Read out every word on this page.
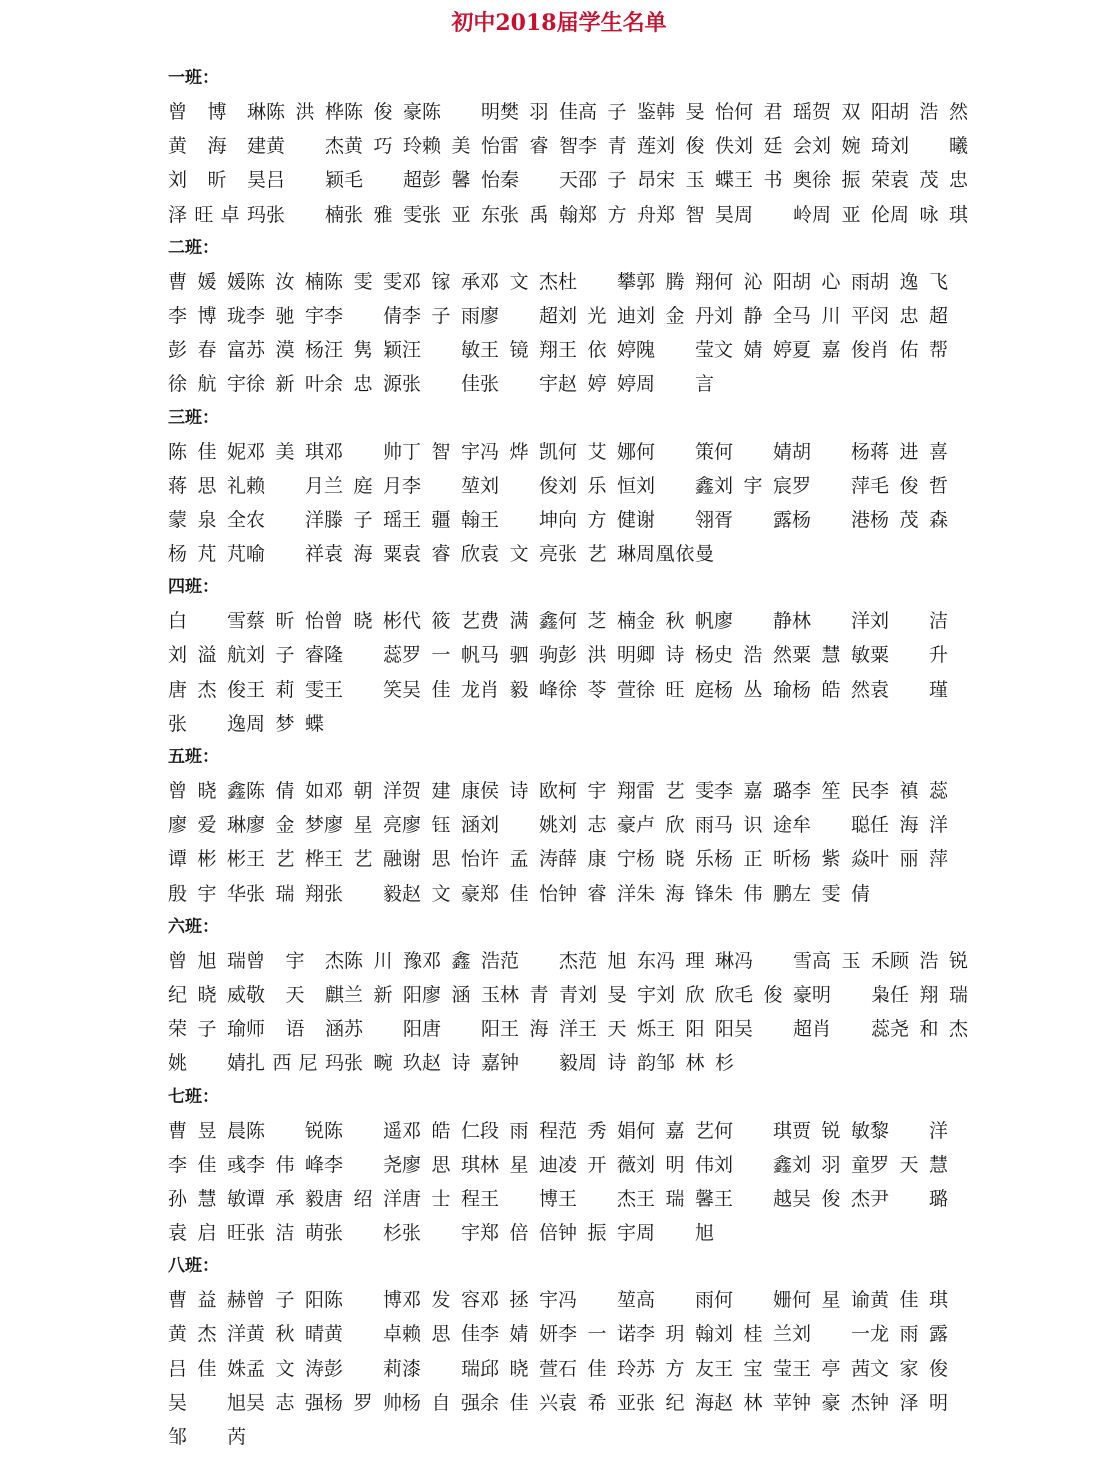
初中2018届学生名单
一班：
曾博琳 陈洪桦 陈俊豪 陈　明 樊羽佳 高子鉴 韩旻怡 何君瑶 贺双阳 胡浩然
黄海建 黄　杰 黄巧玲 赖美怡 雷睿智 李青莲 刘俊佚 刘廷会 刘婉琦 刘　曦
刘昕昊 吕　颖 毛　超 彭馨怡 秦　天 邵子昂 宋玉蝶 王书奥 徐振荣 袁茂忠
泽旺卓玛 张　楠 张雅雯 张亚东 张禹翰 郑方舟 郑智昊 周　岭 周亚伦 周咏琪
二班：
曹媛媛 陈汝楠 陈雯雯 邓镓承 邓文杰 杜　攀 郭腾翔 何沁阳 胡心雨 胡逸飞
李博珑 李驰宇 李　倩 李子雨 廖　超 刘光迪 刘金丹 刘静全 马川平 闵忠超
彭春富 苏漠杨 汪隽颖 汪　敏 王镜翔 王依婷 隗　莹 文婧婷 夏嘉俊 肖佑帮
徐航宇 徐新叶 余忠源 张　佳 张　宇 赵婷婷 周　言
三班：
陈佳妮 邓美琪 邓　帅 丁智宇 冯烨凯 何艾娜 何　策 何　婧 胡　杨 蒋进喜
蒋思礼 赖　月 兰庭月 李　堃 刘　俊 刘乐恒 刘　鑫 刘宇宸 罗　萍 毛俊哲
蒙泉全 农　洋 滕子瑶 王疆翰 王　坤 向方健 谢　翎 胥　露 杨　港 杨茂森
杨芃芃 喻　祥 袁海粟 袁睿欣 袁文亮 张艺琳 周凰依曼
四班：
白　雪 蔡昕怡 曾晓彬 代筱艺 费满鑫 何芝楠 金秋帆 廖　静 林　洋 刘　洁
刘溢航 刘子睿 隆　蕊 罗一帆 马驷驹 彭洪明 卿诗杨 史浩然 粟慧敏 粟　升
唐杰俊 王莉雯 王　笑 吴佳龙 肖毅峰 徐苓萱 徐旺庭 杨丛瑜 杨皓然 袁　瑾
张　逸 周梦蝶
五班：
曾晓鑫 陈倩如 邓朝洋 贺建康 侯诗欧 柯宇翔 雷艺雯 李嘉璐 李笙民 李禛蕊
廖爱琳 廖金梦 廖星亮 廖钰涵 刘　姚 刘志豪 卢欣雨 马识途 牟　聪 任海洋
谭彬彬 王艺桦 王艺融 谢思怡 许孟涛 薛康宁 杨晓乐 杨正昕 杨紫焱 叶丽萍
殷宇华 张瑞翔 张　毅 赵文豪 郑佳怡 钟睿洋 朱海锋 朱伟鹏 左雯倩
六班：
曾旭瑞 曾宇杰 陈川豫 邓鑫浩 范　杰 范旭东 冯理琳 冯　雪 高玉禾 顾浩锐
纪晓威 敬天麒 兰新阳 廖涵玉 林青青 刘旻宇 刘欣欣 毛俊豪 明　枭 任翔瑞
荣子瑜 师语涵 苏　阳 唐　阳 王海洋 王天烁 王阳阳 吴　超 肖　蕊 尧和杰
姚　婧 扎西尼玛 张畹玖 赵诗嘉 钟　毅 周诗韵 邹林杉
七班：
曹昱晨 陈　锐 陈　遥 邓皓仁 段雨程 范秀娟 何嘉艺 何　琪 贾锐敏 黎　洋
李佳彧 李伟峰 李　尧 廖思琪 林星迪 凌开薇 刘明伟 刘　鑫 刘羽童 罗天慧
孙慧敏 谭承毅 唐绍洋 唐士程 王　博 王　杰 王瑞馨 王　越 吴俊杰 尹　璐
袁启旺 张洁萌 张　杉 张　宇 郑倍倍 钟振宇 周　旭
八班：
曹益赫 曾子阳 陈　博 邓发容 邓拯宇 冯　堃 高　雨 何　姗 何星谕 黄佳琪
黄杰洋 黄秋晴 黄　卓 赖思佳 李婧妍 李一诺 李玥翰 刘桂兰 刘　一 龙雨露
吕佳姝 孟文涛 彭　莉 漆　瑞 邱晓萱 石佳玲 苏方友 王宝莹 王亭茜 文家俊
吴　旭 吴志强 杨罗帅 杨自强 余佳兴 袁希亚 张纪海 赵林苹 钟豪杰 钟泽明
邹　芮
